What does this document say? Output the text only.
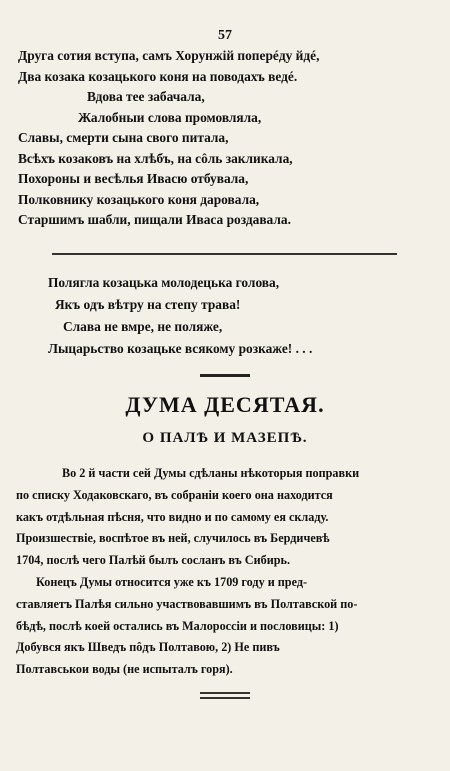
57
Друга сотия вступа, самъ Хорунжій поперéду йдé,
Два козака козацького коня на поводахъ ведé.
Вдова тее забачала,
Жалобныи слова промовляла,
Славы, смерти сына свого питала,
Всѣхъ козаковъ на хлѣбъ, на сôль закликала,
Похороны и весѣлья Ивасю отбувала,
Полковнику козацького коня даровала,
Старшимъ шабли, пищали Иваса роздавала.
Полягла козацька молодецька голова,
Якъ одъ вѣтру на степу трава!
Слава не вмре, не поляже,
Лыцарьство козацьке всякому розкаже! . . .
ДУМА ДЕСЯТАЯ.
О ПАЛѢ И МАЗЕПѢ.
Во 2 й части сей Думы сдѣланы нѣкоторыя поправки
по списку Ходаковскаго, въ собраніи коего она находится
какъ отдѣльная пѣсня, что видно и по самому ея складу.
Произшествіе, воспѣтое въ ней, случилось въ Бердичевѣ
1704, послѣ чего Палѣй былъ сосланъ въ Сибирь.
Конецъ Думы относится уже къ 1709 году и пред-
ставляетъ Палѣя сильно участвовавшимъ въ Полтавской по-
бѣдѣ, послѣ коей остались въ Малороссіи и пословицы: 1)
Добувся якъ Шведъ пôдъ Полтавою, 2) Не пивъ
Полтавськои воды (не испыталъ горя).
